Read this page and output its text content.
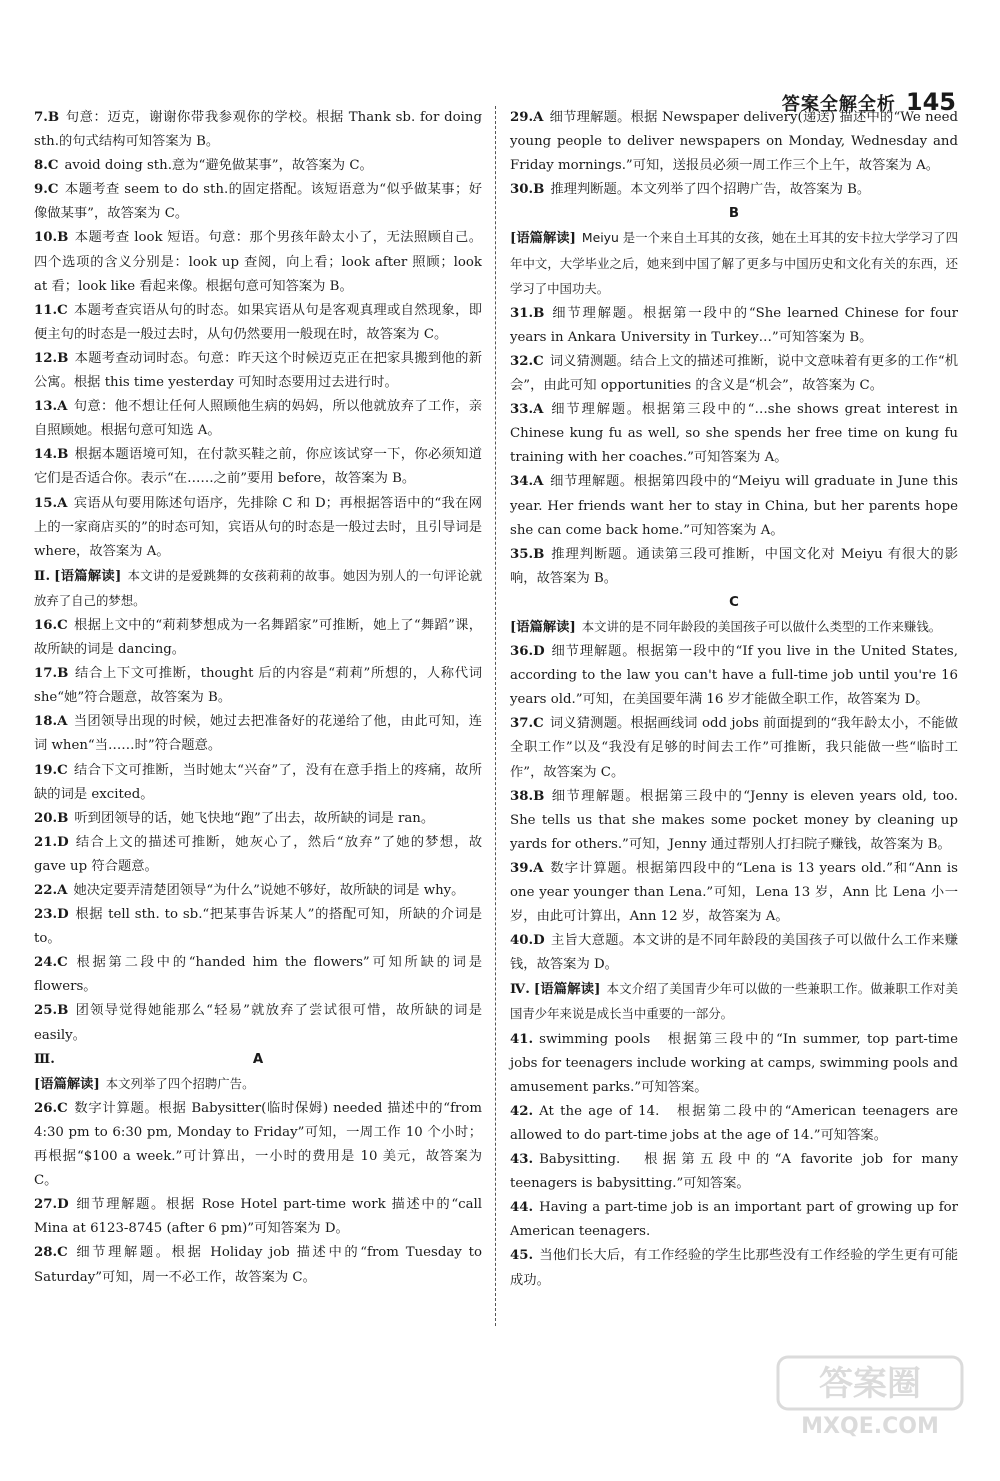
答案全解全析 145
7.B 句意：迈克，谢谢你带我参观你的学校。根据 Thank sb. for doing sth.的句式结构可知答案为 B。
8.C avoid doing sth.意为“避免做某事”，故答案为 C。
9.C 本题考查 seem to do sth.的固定搭配。该短语意为“似乎做某事；好像做某事”，故答案为 C。
10.B 本题考查 look 短语。句意：那个男孩年龄太小了，无法照顾自己。四个选项的含义分别是：look up 查阅，向上看；look after 照顾；look at 看；look like 看起来像。根据句意可知答案为 B。
11.C 本题考查宾语从句的时态。如果宾语从句是客观真理或自然现象，即便主句的时态是一般过去时，从句仍然要用一般现在时，故答案为 C。
12.B 本题考查动词时态。句意：昨天这个时候迈克正在把家具搬到他的新公寓。根据 this time yesterday 可知时态要用过去进行时。
13.A 句意：他不想让任何人照顾他生病的妈妈，所以他就放弃了工作，亲自照顾她。根据句意可知选 A。
14.B 根据本题语境可知，在付款买鞋之前，你应该试穿一下，你必须知道它们是否适合你。表示“在……之前”要用 before，故答案为 B。
15.A 宾语从句要用陈述句语序，先排除 C 和 D；再根据答语中的“我在网上的一家商店买的”的时态可知，宾语从句的时态是一般过去时，且引导词是 where，故答案为 A。
Ⅱ. [语篇解读] 本文讲的是爱跳舞的女孩莉莉的故事。她因为别人的一句评论就放弃了自己的梦想。
16.C 根据上文中的“莉莉梦想成为一名舞蹈家”可推断，她上了“舞蹈”课，故所缺的词是 dancing。
17.B 结合上下文可推断，thought 后的内容是“莉莉”所想的，人称代词 she“她”符合题意，故答案为 B。
18.A 当团领导出现的时候，她过去把准备好的花递给了他，由此可知，连词 when“当……时”符合题意。
19.C 结合下文可推断，当时她太“兴奋”了，没有在意手指上的疼痛，故所缺的词是 excited。
20.B 听到团领导的话，她飞快地“跑”了出去，故所缺的词是 ran。
21.D 结合上文的描述可推断，她灰心了，然后“放弃”了她的梦想，故 gave up 符合题意。
22.A 她决定要弄清楚团领导“为什么”说她不够好，故所缺的词是 why。
23.D 根据 tell sth. to sb.“把某事告诉某人”的搭配可知，所缺的介词是 to。
24.C 根据第二段中的“handed him the flowers”可知所缺的词是 flowers。
25.B 团领导觉得她能那么“轻易”就放弃了尝试很可惜，故所缺的词是 easily。
Ⅲ.	A
[语篇解读] 本文列举了四个招聘广告。
26.C 数字计算题。根据 Babysitter(临时保姆) needed 描述中的“from 4:30 pm to 6:30 pm, Monday to Friday”可知，一周工作 10 个小时；再根据“$100 a week.”可计算出，一小时的费用是 10 美元，故答案为 C。
27.D 细节理解题。根据 Rose Hotel part-time work 描述中的“call Mina at 6123-8745 (after 6 pm)”可知答案为 D。
28.C 细节理解题。根据 Holiday job 描述中的“from Tuesday to Saturday”可知，周一不必工作，故答案为 C。
29.A 细节理解题。根据 Newspaper delivery(递送) 描述中的“We need young people to deliver newspapers on Monday, Wednesday and Friday mornings.”可知，送报员必须一周工作三个上午，故答案为 A。
30.B 推理判断题。本文列举了四个招聘广告，故答案为 B。
B
[语篇解读] Meiyu 是一个来自土耳其的女孩，她在土耳其的安卡拉大学学习了四年中文，大学毕业之后，她来到中国了解了更多与中国历史和文化有关的东西，还学习了中国功夫。
31.B 细节理解题。根据第一段中的“She learned Chinese for four years in Ankara University in Turkey…”可知答案为 B。
32.C 词义猜测题。结合上文的描述可推断，说中文意味着有更多的工作“机会”，由此可知 opportunities 的含义是“机会”，故答案为 C。
33.A 细节理解题。根据第三段中的“…she shows great interest in Chinese kung fu as well, so she spends her free time on kung fu training with her coaches.”可知答案为 A。
34.A 细节理解题。根据第四段中的“Meiyu will graduate in June this year. Her friends want her to stay in China, but her parents hope she can come back home.”可知答案为 A。
35.B 推理判断题。通读第三段可推断，中国文化对 Meiyu 有很大的影响，故答案为 B。
C
[语篇解读] 本文讲的是不同年龄段的美国孩子可以做什么类型的工作来赚钱。
36.D 细节理解题。根据第一段中的“If you live in the United States, according to the law you can't have a full-time job until you're 16 years old.”可知，在美国要年满 16 岁才能做全职工作，故答案为 D。
37.C 词义猜测题。根据画线词 odd jobs 前面提到的“我年龄太小，不能做全职工作”以及“我没有足够的时间去工作”可推断，我只能做一些“临时工作”，故答案为 C。
38.B 细节理解题。根据第三段中的“Jenny is eleven years old, too. She tells us that she makes some pocket money by cleaning up yards for others.”可知，Jenny 通过帮别人打扫院子赚钱，故答案为 B。
39.A 数字计算题。根据第四段中的“Lena is 13 years old.”和“Ann is one year younger than Lena.”可知，Lena 13 岁，Ann 比 Lena 小一岁，由此可计算出，Ann 12 岁，故答案为 A。
40.D 主旨大意题。本文讲的是不同年龄段的美国孩子可以做什么工作来赚钱，故答案为 D。
Ⅳ. [语篇解读] 本文介绍了美国青少年可以做的一些兼职工作。做兼职工作对美国青少年来说是成长当中重要的一部分。
41. swimming pools　根据第三段中的“In summer, top part-time jobs for teenagers include working at camps, swimming pools and amusement parks.”可知答案。
42. At the age of 14.　根据第二段中的“American teenagers are allowed to do part-time jobs at the age of 14.”可知答案。
43. Babysitting.　根据第五段中的“A favorite job for many teenagers is babysitting.”可知答案。
44. Having a part-time job is an important part of growing up for American teenagers.
45. 当他们长大后，有工作经验的学生比那些没有工作经验的学生更有可能成功。
答案圈
MXQE.COM
